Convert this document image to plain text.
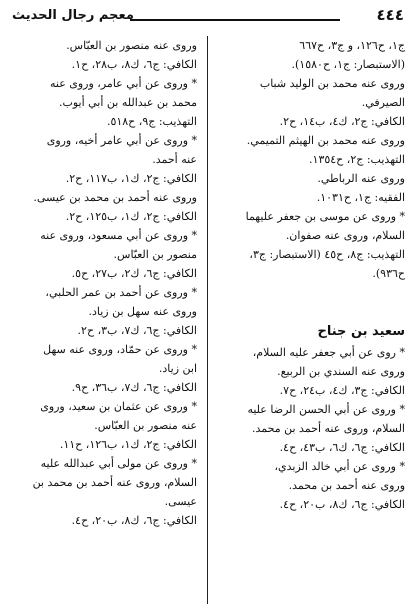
معجم رجال الحديث	٤٤٤
ج١، ح١٢٦، و ج٣، ح٦٦٧
(الاستبصار: ج١، ح١٥٨٠).
وروى عنه محمد بن الوليد شباب
الصيرفي.
الكافي: ج٢، ك٤، ب١٤، ح٢.
وروى عنه محمد بن الهيثم التميمي.
التهذيب: ج٢، ح١٣٥٤.
وروى عنه الرباطي.
الفقيه: ج١، ح١٠٣١.
* وروى عن موسى بن جعفر عليهما
السلام، وروى عنه صفوان.
التهذيب: ج٨، ح٤٥ (الاستبصار: ج٣،
ح٩٣٦).
سعيد بن جناح
* روى عن أبي جعفر عليه السلام،
وروى عنه السندي بن الربيع.
الكافي: ج٣، ك٤، ب٢٤، ح٧.
* وروى عن أبي الحسن الرضا عليه
السلام، وروى عنه أحمد بن محمد.
الكافي: ج٦، ك٦، ب٤٣، ح٤.
* وروى عن أبي خالد الزبدي،
وروى عنه أحمد بن محمد.
الكافي: ج٦، ك٨، ب٢٠، ح٤.
وروى عنه منصور بن العبّاس.
الكافي: ج٦، ك٨، ب٢٨، ح١.
* وروى عن أبي عامر، وروى عنه
محمد بن عبدالله بن أبي أيوب.
التهذيب: ج٩، ح٥١٨.
* وروى عن أبي عامر أخيه، وروى
عنه أحمد.
الكافي: ج٢، ك١، ب١١٧، ح٢.
وروى عنه أحمد بن محمد بن عيسى.
الكافي: ج٢، ك١، ب١٢٥، ح٢.
* وروى عن أبي مسعود، وروى عنه
منصور بن العبّاس.
الكافي: ج٦، ك٢، ب٢٧، ح٥.
* وروى عن أحمد بن عمر الحلبي،
وروى عنه سهل بن زياد.
الكافي: ج٦، ك٧، ب٣، ح٢.
* وروى عن حمّاد، وروى عنه سهل
ابن زياد.
الكافي: ج٦، ك٧، ب٣٦، ح٩.
* وروى عن عثمان بن سعيد، وروى
عنه منصور بن العبّاس.
الكافي: ج٢، ك١، ب١٢٦، ح١١.
* وروى عن مولى أبي عبدالله عليه
السلام، وروى عنه أحمد بن محمد بن
عيسى.
الكافي: ج٦، ك٨، ب٢٠، ح٤.
